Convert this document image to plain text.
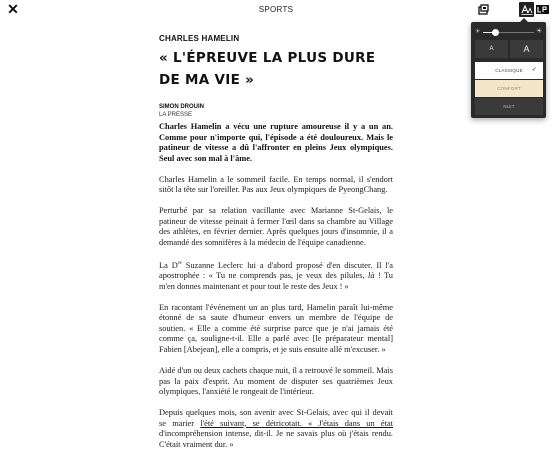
✕	SPORTS
CHARLES HAMELIN
« L'ÉPREUVE LA PLUS DURE
DE MA VIE »
SIMON DROUIN
LA PRESSE

Charles Hamelin a vécu une rupture amoureuse il y a un an. Comme pour n'importe qui, l'épisode a été douloureux. Mais le patineur de vitesse a dû l'affronter en pleins Jeux olympiques. Seul avec son mal à l'âme.

Charles Hamelin a le sommeil facile. En temps normal, il s'endort sitôt la tête sur l'oreiller. Pas aux Jeux olympiques de PyeongChang.

Perturbé par sa relation vacillante avec Marianne St-Gelais, le patineur de vitesse peinait à fermer l'œil dans sa chambre au Village des athlètes, en février dernier. Après quelques jours d'insomnie, il a demandé des somnifères à la médecin de l'équipe canadienne.

La Dre Suzanne Leclerc lui a d'abord proposé d'en discuter. Il l'a apostrophée : « Tu ne comprends pas, je veux des pilules, là ! Tu m'en donnes maintenant et pour tout le reste des Jeux ! »

En racontant l'événement un an plus tard, Hamelin paraît lui-même étonné de sa saute d'humeur envers un membre de l'équipe de soutien. « Elle a comme été surprise parce que je n'ai jamais été comme ça, souligne-t-il. Elle a parlé avec [le préparateur mental] Fabien [Abejean], elle a compris, et je suis ensuite allé m'excuser. »

Aidé d'un ou deux cachets chaque nuit, il a retrouvé le sommeil. Mais pas la paix d'esprit. Au moment de disputer ses quatrièmes Jeux olympiques, l'anxiété le rongeait de l'intérieur.

Depuis quelques mois, son avenir avec St-Gelais, avec qui il devait se marier l'été suivant, se détricotait. « J'étais dans un état d'incompréhension intense, dit-il. Je ne savais plus où j'étais rendu. C'était vraiment dur. »

☀	☀
A	A
CLASSIQUE ✓
CONFORT
NUIT
